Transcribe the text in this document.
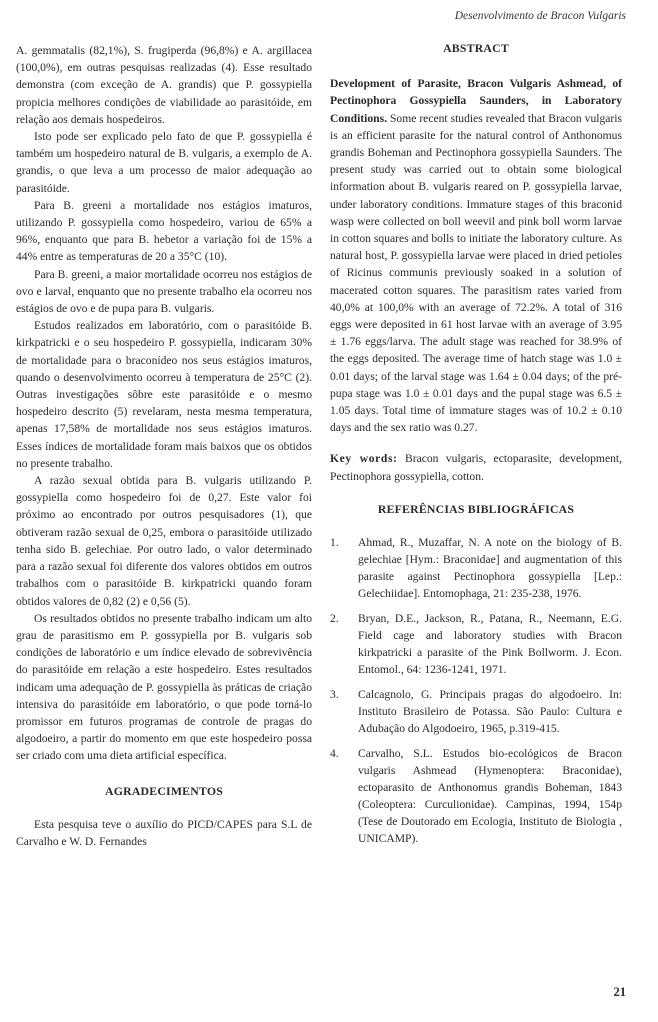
Desenvolvimento de Bracon Vulgaris

A. gemmatalis (82,1%), S. frugiperda (96,8%) e A. argillacea (100,0%), em outras pesquisas realizadas (4). Esse resultado demonstra (com exceção de A. grandis) que P. gossypiella propicia melhores condições de viabilidade ao parasitóide, em relação aos demais hospedeiros.

Isto pode ser explicado pelo fato de que P. gossypiella é também um hospedeiro natural de B. vulgaris, a exemplo de A. grandis, o que leva a um processo de maior adequação ao parasitóide.

Para B. greeni a mortalidade nos estágios imaturos, utilizando P. gossypiella como hospedeiro, variou de 65% a 96%, enquanto que para B. hebetor a variação foi de 15% a 44% entre as temperaturas de 20 a 35°C (10).

Para B. greeni, a maior mortalidade ocorreu nos estágios de ovo e larval, enquanto que no presente trabalho ela ocorreu nos estágios de ovo e de pupa para B. vulgaris.

Estudos realizados em laboratório, com o parasitóide B. kirkpatricki e o seu hospedeiro P. gossypiella, indicaram 30% de mortalidade para o braconídeo nos seus estágios imaturos, quando o desenvolvimento ocorreu à temperatura de 25°C (2). Outras investigações sôbre este parasitóide e o mesmo hospedeiro descrito (5) revelaram, nesta mesma temperatura, apenas 17,58% de mortalidade nos seus estágios imaturos. Esses índices de mortalidade foram mais baixos que os obtidos no presente trabalho.

A razão sexual obtida para B. vulgaris utilizando P. gossypiella como hospedeiro foi de 0,27. Este valor foi próximo ao encontrado por outros pesquisadores (1), que obtiveram razão sexual de 0,25, embora o parasitóide utilizado tenha sido B. gelechiae. Por outro lado, o valor determinado para a razão sexual foi diferente dos valores obtidos em outros trabalhos com o parasitóide B. kirkpatricki quando foram obtidos valores de 0,82 (2) e 0,56 (5).

Os resultados obtidos no presente trabalho indicam um alto grau de parasitismo em P. gossypiella por B. vulgaris sob condições de laboratório e um índice elevado de sobrevivência do parasitóide em relação a este hospedeiro. Estes resultados indicam uma adequação de P. gossypiella às práticas de criação intensiva do parasitóide em laboratório, o que pode torná-lo promissor em futuros programas de controle de pragas do algodoeiro, a partir do momento em que este hospedeiro possa ser criado com uma dieta artificial específica.

AGRADECIMENTOS

Esta pesquisa teve o auxílio do PICD/CAPES para S.L de Carvalho e W. D. Fernandes

ABSTRACT

Development of Parasite, Bracon Vulgaris Ashmead, of Pectinophora Gossypiella Saunders, in Laboratory Conditions. Some recent studies revealed that Bracon vulgaris is an efficient parasite for the natural control of Anthonomus grandis Boheman and Pectinophora gossypiella Saunders. The present study was carried out to obtain some biological information about B. vulgaris reared on P. gossypiella larvae, under laboratory conditions. Immature stages of this braconid wasp were collected on boll weevil and pink boll worm larvae in cotton squares and bolls to initiate the laboratory culture. As natural host, P. gossypiella larvae were placed in dried petioles of Ricinus communis previously soaked in a solution of macerated cotton squares. The parasitism rates varied from 40,0% at 100,0% with an average of 72.2%. A total of 316 eggs were deposited in 61 host larvae with an average of 3.95 ± 1.76 eggs/larva. The adult stage was reached for 38.9% of the eggs deposited. The average time of hatch stage was 1.0 ± 0.01 days; of the larval stage was 1.64 ± 0.04 days; of the pré-pupa stage was 1.0 ± 0.01 days and the pupal stage was 6.5 ± 1.05 days. Total time of immature stages was of 10.2 ± 0.10 days and the sex ratio was 0.27.

Key words: Bracon vulgaris, ectoparasite, development, Pectinophora gossypiella, cotton.

REFERÊNCIAS BIBLIOGRÁFICAS

1. Ahmad, R., Muzaffar, N. A note on the biology of B. gelechiae [Hym.: Braconidae] and augmentation of this parasite against Pectinophora gossypiella [Lep.: Gelechiidae]. Entomophaga, 21: 235-238, 1976.
2. Bryan, D.E., Jackson, R., Patana, R., Neemann, E.G. Field cage and laboratory studies with Bracon kirkpatricki a parasite of the Pink Bollworm. J. Econ. Entomol., 64: 1236-1241, 1971.
3. Calcagnolo, G. Principais pragas do algodoeiro. In: Instituto Brasileiro de Potassa. São Paulo: Cultura e Adubação do Algodoeiro, 1965, p.319-415.
4. Carvalho, S.L. Estudos bio-ecológicos de Bracon vulgaris Ashmead (Hymenoptera: Braconidae), ectoparasito de Anthonomus grandis Boheman, 1843 (Coleoptera: Curculionidae). Campinas, 1994, 154p (Tese de Doutorado em Ecologia, Instituto de Biologia , UNICAMP).
21
